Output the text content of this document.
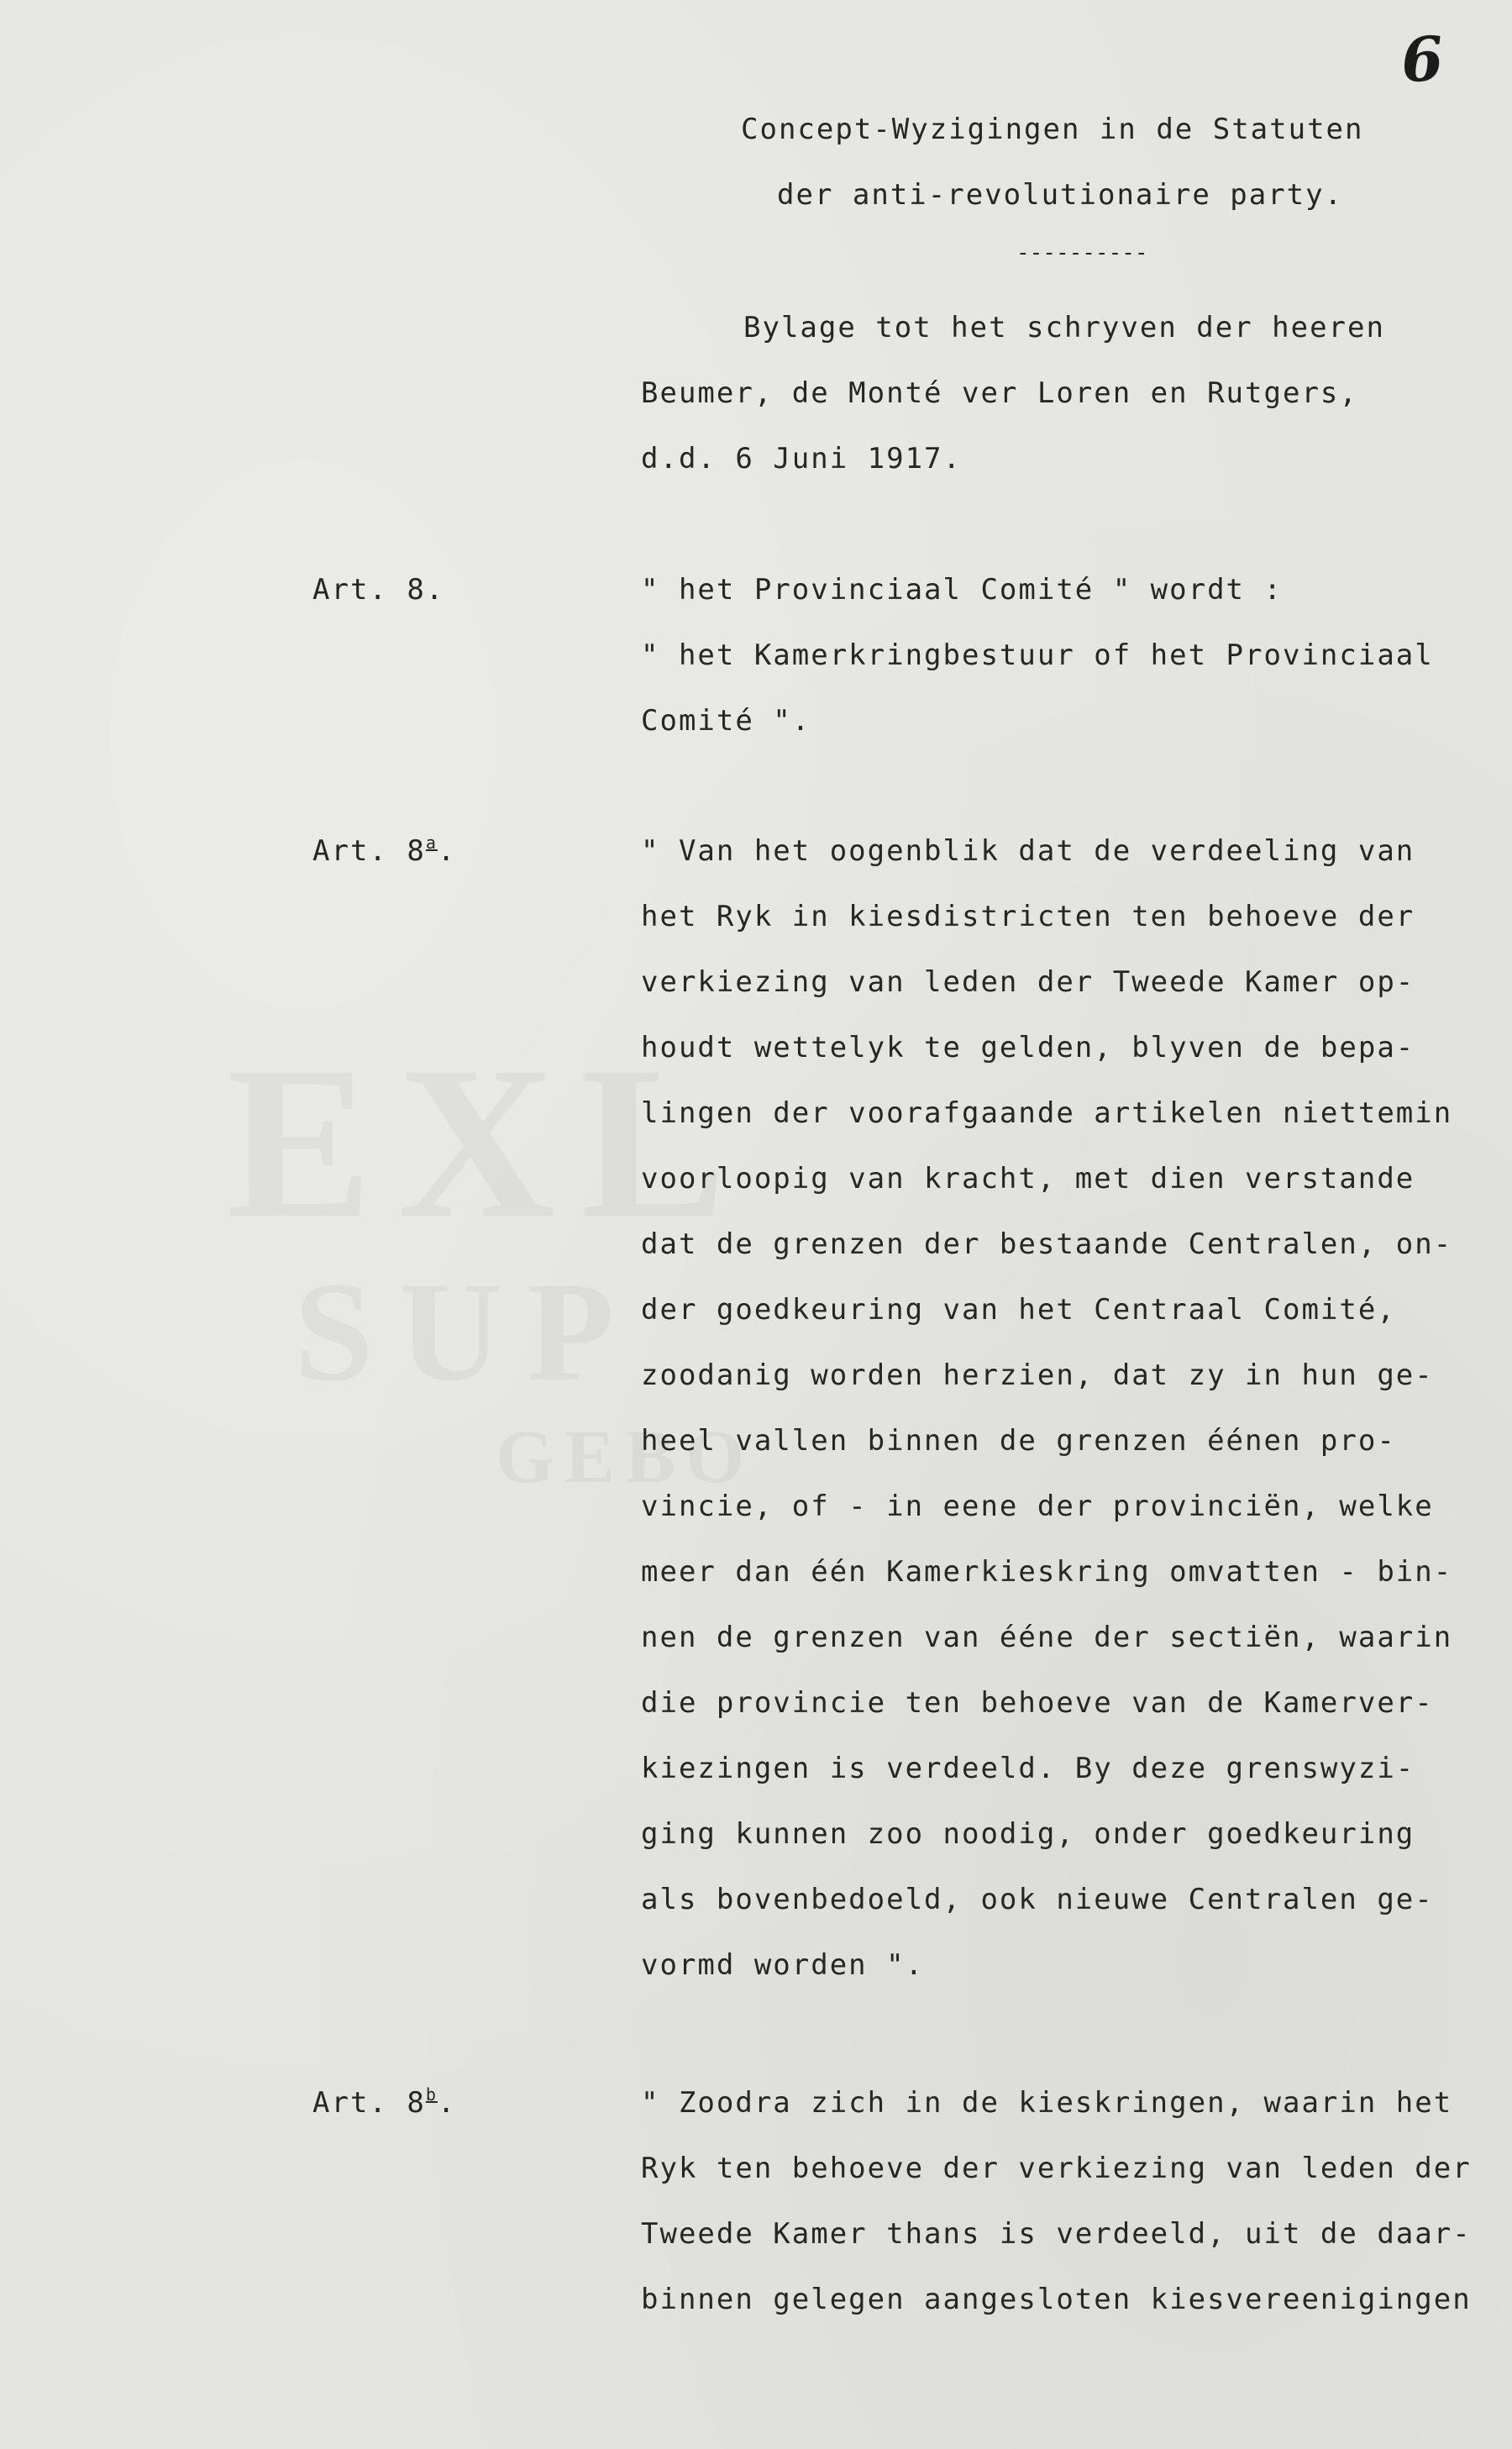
EXL
SUP
GEBO
6
Concept-Wyzigingen in de Statuten
der anti-revolutionaire party.
----------
Bylage tot het schryven der heeren
Beumer, de Monté ver Loren en Rutgers,
d.d. 6 Juni 1917.
Art. 8.	" het Provinciaal Comité " wordt :
" het Kamerkringbestuur of het Provinciaal
Comité ".
Art. 8$^a$.	" Van het oogenblik dat de verdeeling van
het Ryk in kiesdistricten ten behoeve der
verkiezing van leden der Tweede Kamer op-
houdt wettelyk te gelden, blyven de bepa-
lingen der voorafgaande artikelen niettemin
voorloopig van kracht, met dien verstande
dat de grenzen der bestaande Centralen, on-
der goedkeuring van het Centraal Comité,
zoodanig worden herzien, dat zy in hun ge-
heel vallen binnen de grenzen éénen pro-
vincie, of - in eene der provinciën, welke
meer dan één Kamerkieskring omvatten - bin-
nen de grenzen van ééne der sectiën, waarin
die provincie ten behoeve van de Kamerver-
kiezingen is verdeeld. By deze grenswyzi-
ging kunnen zoo noodig, onder goedkeuring
als bovenbedoeld, ook nieuwe Centralen ge-
vormd worden ".
Art. 8$^b$.	" Zoodra zich in de kieskringen, waarin het
Ryk ten behoeve der verkiezing van leden der
Tweede Kamer thans is verdeeld, uit de daar-
binnen gelegen aangesloten kiesvereenigingen
